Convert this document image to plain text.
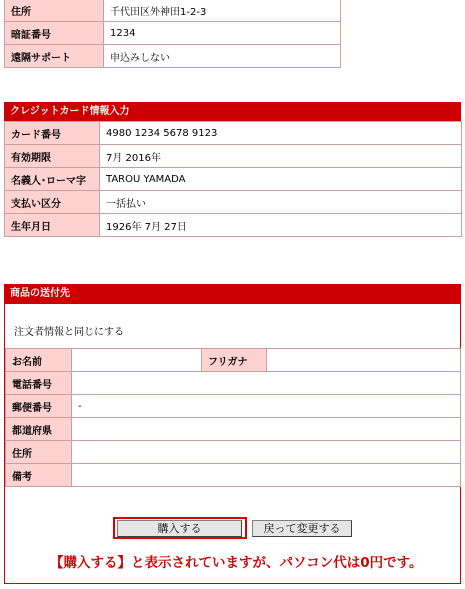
住所	千代田区外神田1-2-3
暗証番号	1234
遠隔サポート	申込みしない
クレジットカード情報入力
カード番号	4980 1234 5678 9123
有効期限	7月 2016年
名義人･ローマ字	TAROU YAMADA
支払い区分	一括払い
生年月日	1926年 7月 27日
商品の送付先
注文者情報と同じにする
お名前		フリガナ	
電話番号			
郵便番号	-		
都道府県			
住所			
備考			
購入する	戻って変更する
【購入する】と表示されていますが、パソコン代は0円です。
